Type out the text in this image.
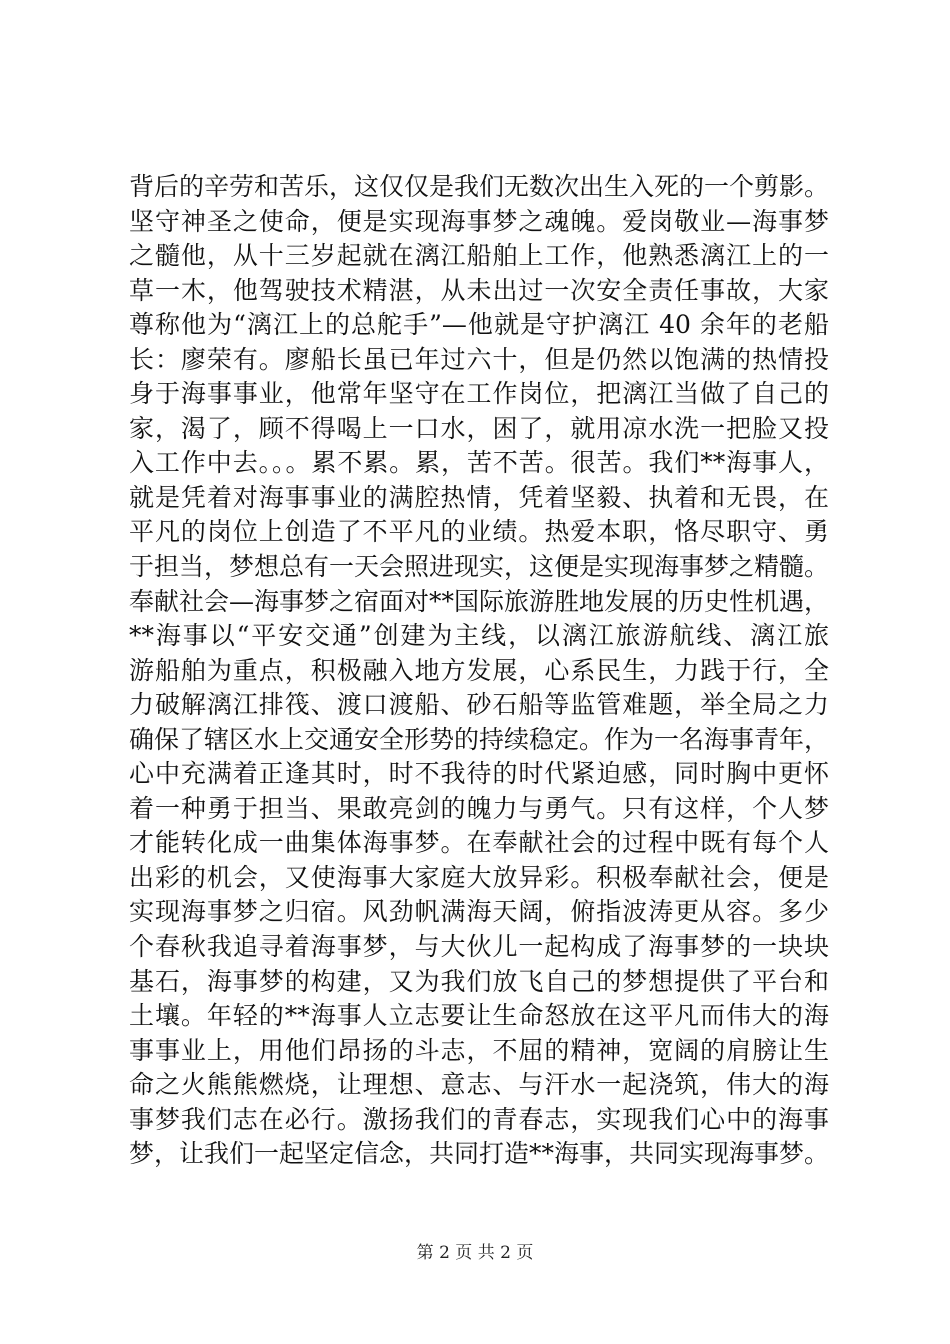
背后的辛劳和苦乐，这仅仅是我们无数次出生入死的一个剪影。
坚守神圣之使命，便是实现海事梦之魂魄。爱岗敬业—海事梦
之髓他，从十三岁起就在漓江船舶上工作，他熟悉漓江上的一
草一木，他驾驶技术精湛，从未出过一次安全责任事故，大家
尊称他为“漓江上的总舵手”—他就是守护漓江 40 余年的老船
长：廖荣有。廖船长虽已年过六十，但是仍然以饱满的热情投
身于海事事业，他常年坚守在工作岗位，把漓江当做了自己的
家，渴了，顾不得喝上一口水，困了，就用凉水洗一把脸又投
入工作中去。。。累不累。累，苦不苦。很苦。我们**海事人，
就是凭着对海事事业的满腔热情，凭着坚毅、执着和无畏，在
平凡的岗位上创造了不平凡的业绩。热爱本职，恪尽职守、勇
于担当，梦想总有一天会照进现实，这便是实现海事梦之精髓。
奉献社会—海事梦之宿面对**国际旅游胜地发展的历史性机遇，
**海事以“平安交通”创建为主线，以漓江旅游航线、漓江旅
游船舶为重点，积极融入地方发展，心系民生，力践于行，全
力破解漓江排筏、渡口渡船、砂石船等监管难题，举全局之力
确保了辖区水上交通安全形势的持续稳定。作为一名海事青年，
心中充满着正逢其时，时不我待的时代紧迫感，同时胸中更怀
着一种勇于担当、果敢亮剑的魄力与勇气。只有这样，个人梦
才能转化成一曲集体海事梦。在奉献社会的过程中既有每个人
出彩的机会，又使海事大家庭大放异彩。积极奉献社会，便是
实现海事梦之归宿。风劲帆满海天阔，俯指波涛更从容。多少
个春秋我追寻着海事梦，与大伙儿一起构成了海事梦的一块块
基石，海事梦的构建，又为我们放飞自己的梦想提供了平台和
土壤。年轻的**海事人立志要让生命怒放在这平凡而伟大的海
事事业上，用他们昂扬的斗志，不屈的精神，宽阔的肩膀让生
命之火熊熊燃烧，让理想、意志、与汗水一起浇筑，伟大的海
事梦我们志在必行。激扬我们的青春志，实现我们心中的海事
梦，让我们一起坚定信念，共同打造**海事，共同实现海事梦。
第 2 页 共 2 页
